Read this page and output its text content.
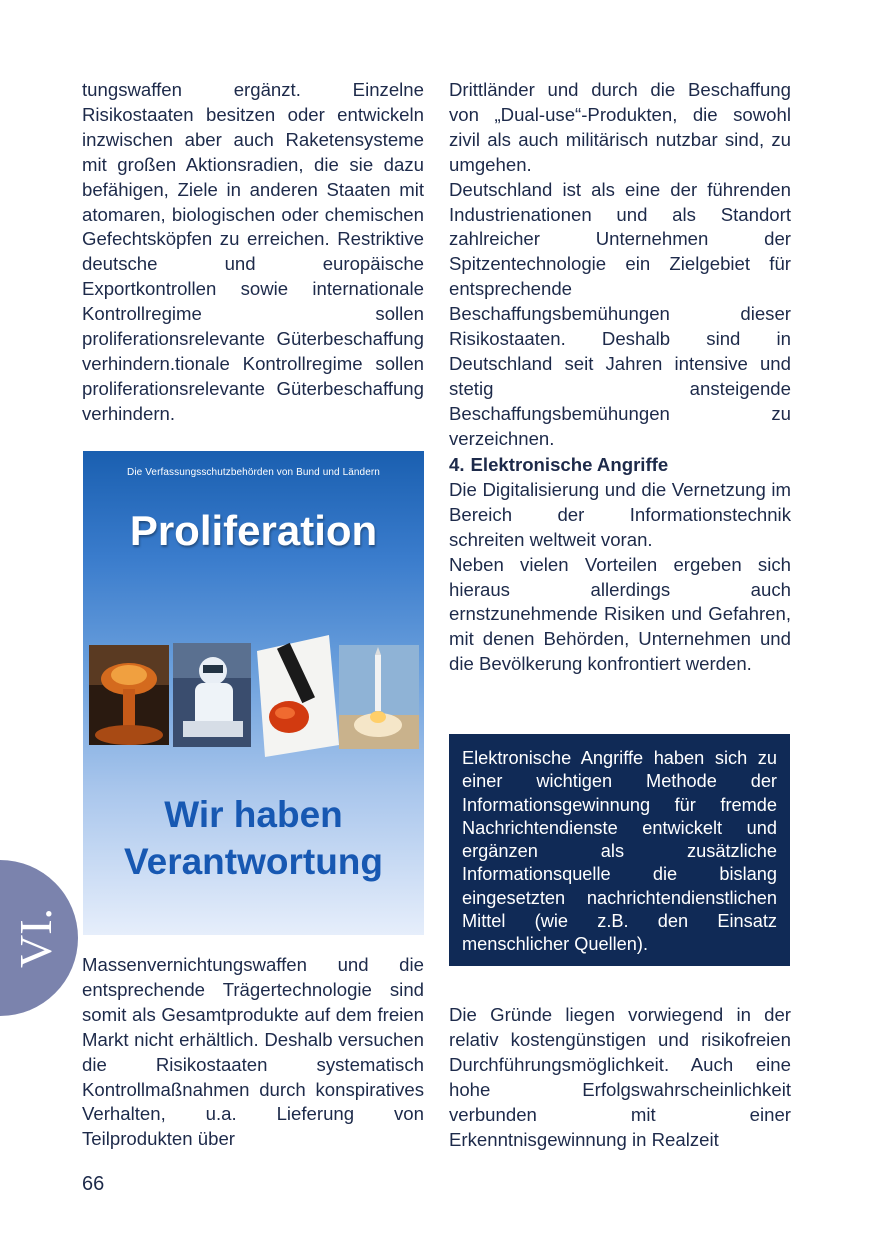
tungswaffen ergänzt. Einzelne Risikostaaten besitzen oder entwickeln inzwischen aber auch Raketensysteme mit großen Aktionsradien, die sie dazu befähigen, Ziele in anderen Staaten mit atomaren, biologischen oder chemischen Gefechtsköpfen zu erreichen. Restriktive deutsche und europäische Exportkontrollen sowie internationale Kontrollregime sollen proliferationsrelevante Güterbeschaffung verhindern.tionale Kontrollregime sollen proliferationsrelevante Güterbeschaffung verhindern.

Die Verfassungsschutzbehörden von Bund und Ländern
Proliferation
Wir haben
Verantwortung

Massenvernichtungswaffen und die entsprechende Trägertechnologie sind somit als Gesamtprodukte auf dem freien Markt nicht erhältlich. Deshalb versuchen die Risikostaaten systematisch Kontrollmaßnahmen durch konspiratives Verhalten, u.a. Lieferung von Teilprodukten über

Drittländer und durch die Beschaffung von „Dual-use“-Produkten, die sowohl zivil als auch militärisch nutzbar sind, zu umgehen.

Deutschland ist als eine der führenden Industrienationen und als Standort zahlreicher Unternehmen der Spitzentechnologie ein Zielgebiet für entsprechende Beschaffungsbemühungen dieser Risikostaaten. Deshalb sind in Deutschland seit Jahren intensive und stetig ansteigende Beschaffungsbemühungen zu verzeichnen.

4. Elektronische Angriffe

Die Digitalisierung und die Vernetzung im Bereich der Informationstechnik schreiten weltweit voran.

Neben vielen Vorteilen ergeben sich hieraus allerdings auch ernstzunehmende Risiken und Gefahren, mit denen Behörden, Unternehmen und die Bevölkerung konfrontiert werden.

Elektronische Angriffe haben sich zu einer wichtigen Methode der Informationsgewinnung für fremde Nachrichtendienste entwickelt und ergänzen als zusätzliche Informationsquelle die bislang eingesetzten nachrichtendienstlichen Mittel (wie z.B. den Einsatz menschlicher Quellen).

Die Gründe liegen vorwiegend in der relativ kostengünstigen und risikofreien Durchführungsmöglichkeit. Auch eine hohe Erfolgswahrscheinlichkeit verbunden mit einer Erkenntnisgewinnung in Realzeit

VI.
66
